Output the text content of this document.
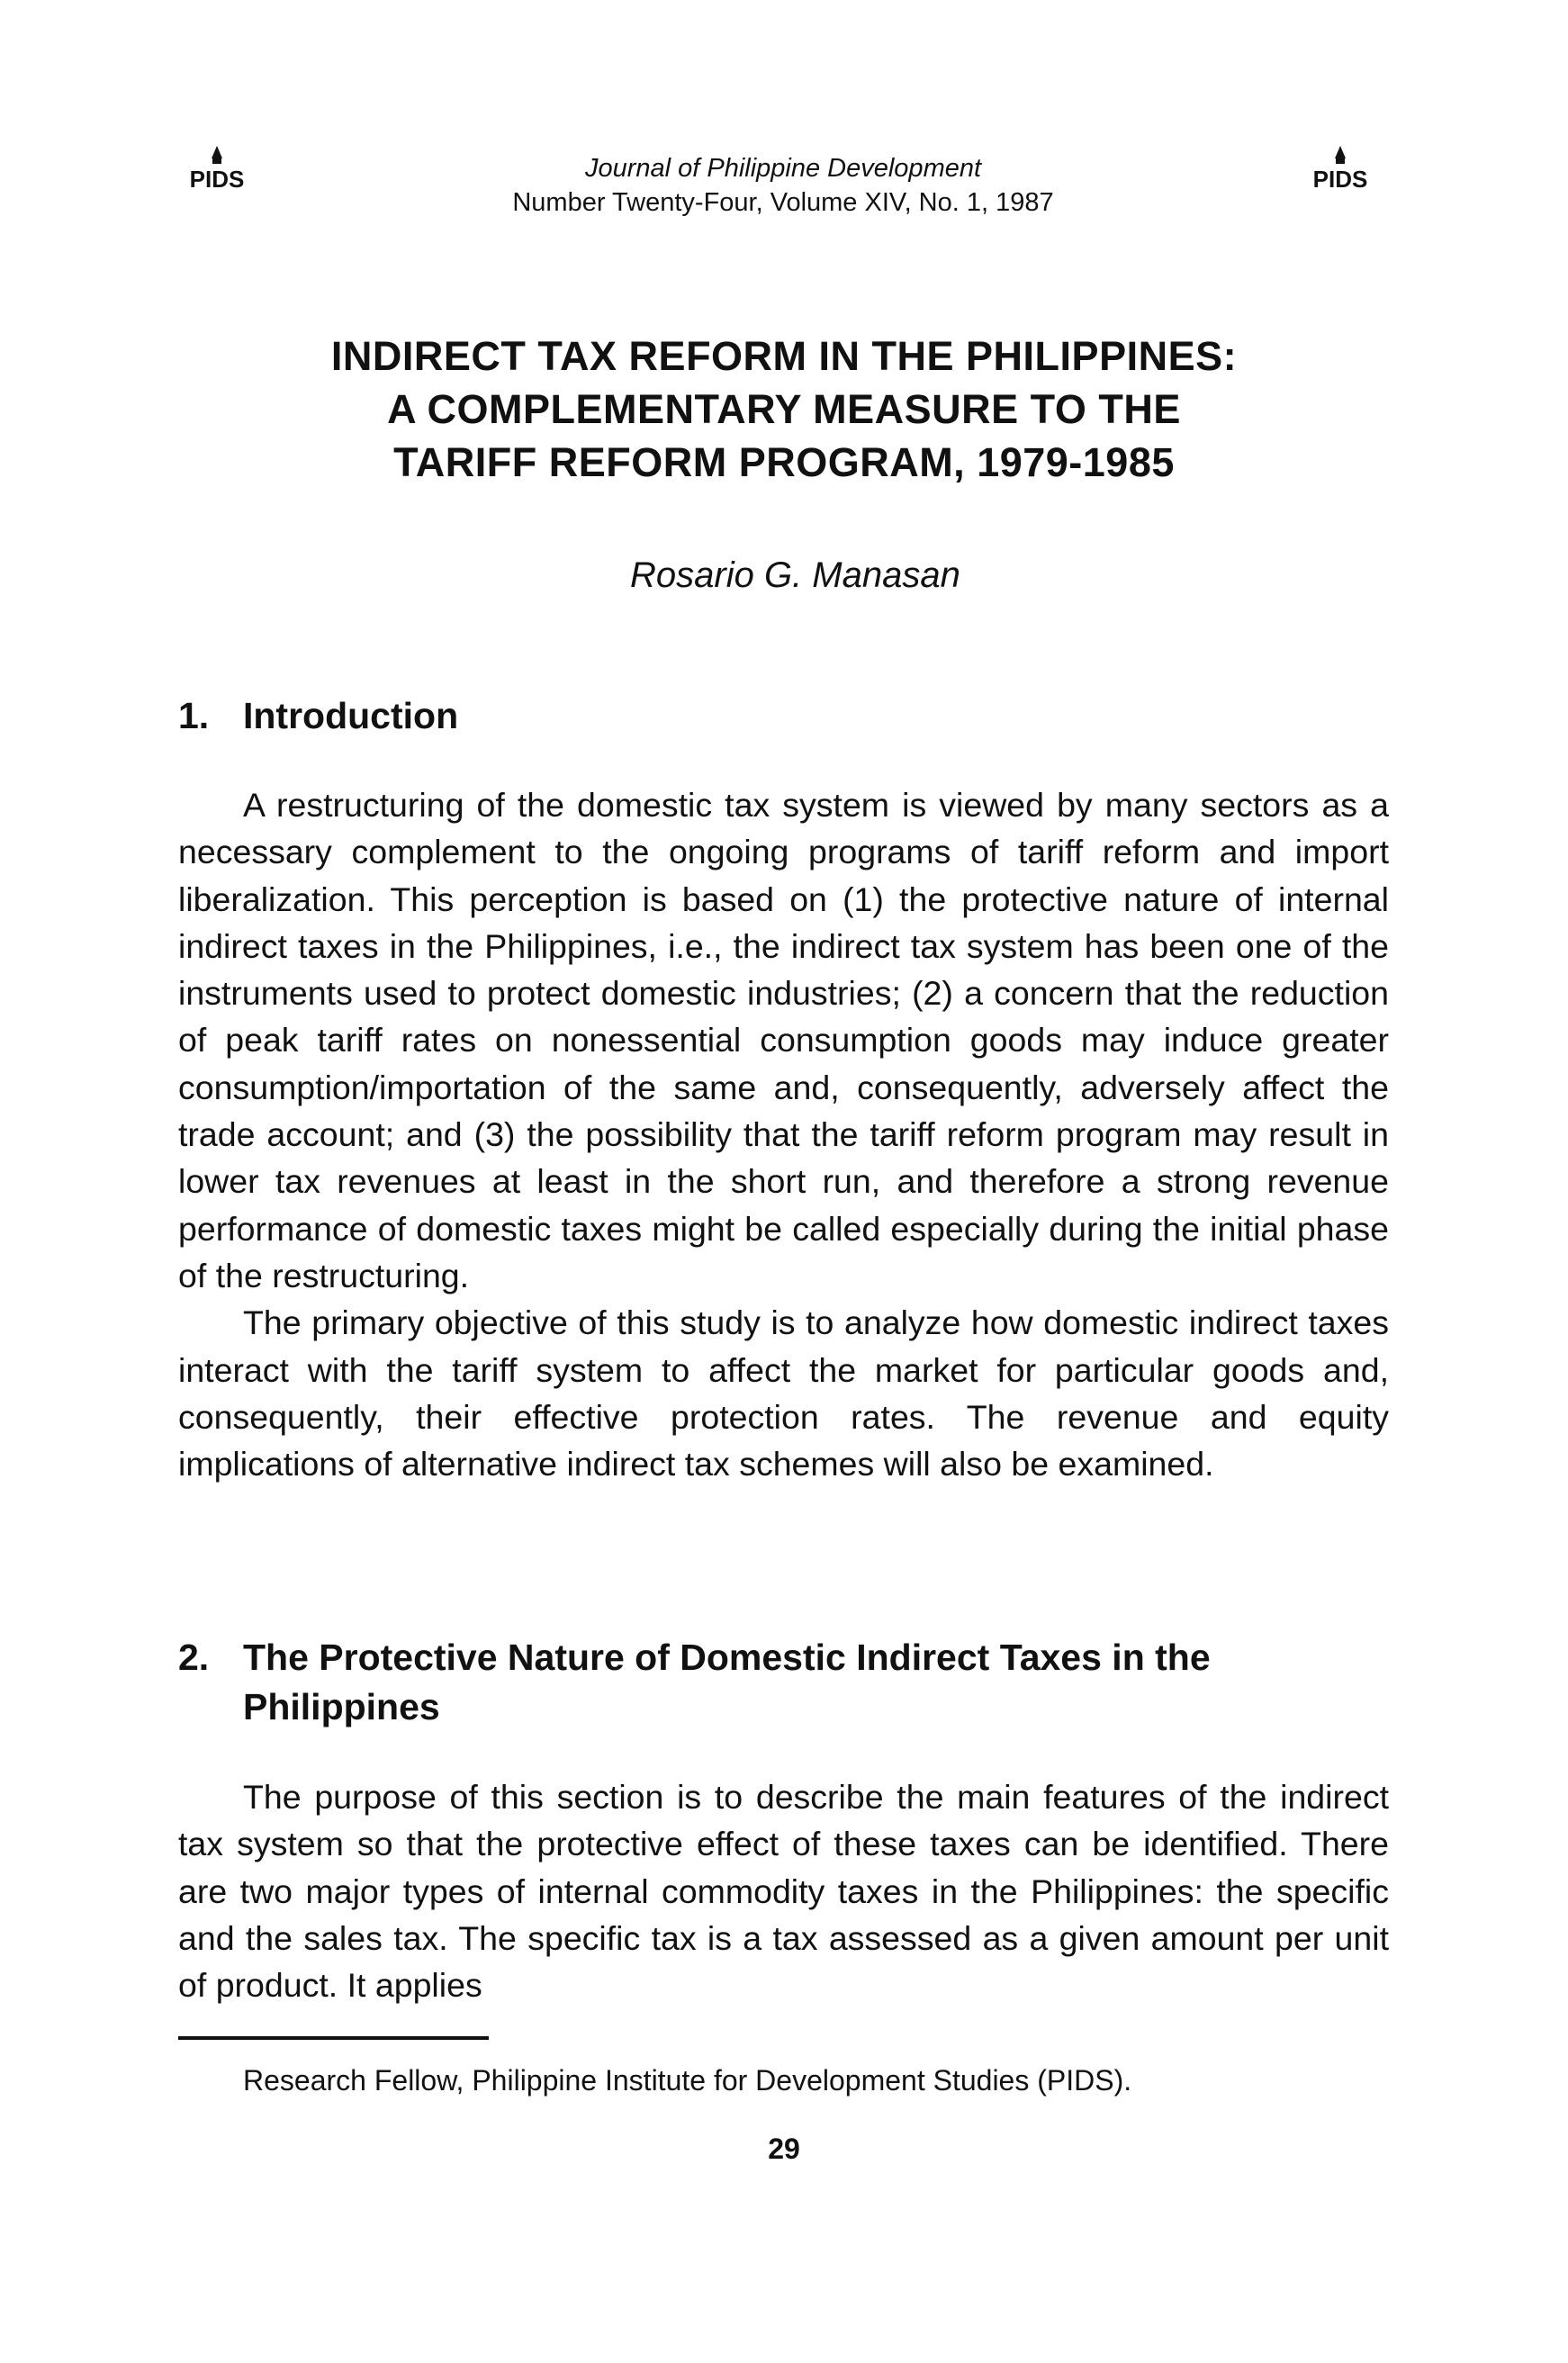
PIDS	PIDS
Journal of Philippine Development
Number Twenty-Four, Volume XIV, No. 1, 1987
INDIRECT TAX REFORM IN THE PHILIPPINES:
A COMPLEMENTARY MEASURE TO THE
TARIFF REFORM PROGRAM, 1979-1985
Rosario G. Manasan
1. Introduction

A restructuring of the domestic tax system is viewed by many sectors as a necessary complement to the ongoing programs of tariff reform and import liberalization. This perception is based on (1) the protective nature of internal indirect taxes in the Philippines, i.e., the indirect tax system has been one of the instruments used to protect domestic industries; (2) a concern that the reduction of peak tariff rates on nonessential consumption goods may induce greater consumption/importation of the same and, consequently, adversely affect the trade account; and (3) the possibility that the tariff reform program may result in lower tax revenues at least in the short run, and therefore a strong revenue performance of domestic taxes might be called especially during the initial phase of the restructuring.

The primary objective of this study is to analyze how domestic indirect taxes interact with the tariff system to affect the market for particular goods and, consequently, their effective protection rates. The revenue and equity implications of alternative indirect tax schemes will also be examined.

2. The Protective Nature of Domestic Indirect Taxes in the Philippines

The purpose of this section is to describe the main features of the indirect tax system so that the protective effect of these taxes can be identified. There are two major types of internal commodity taxes in the Philippines: the specific and the sales tax. The specific tax is a tax assessed as a given amount per unit of product. It applies

Research Fellow, Philippine Institute for Development Studies (PIDS).
29
